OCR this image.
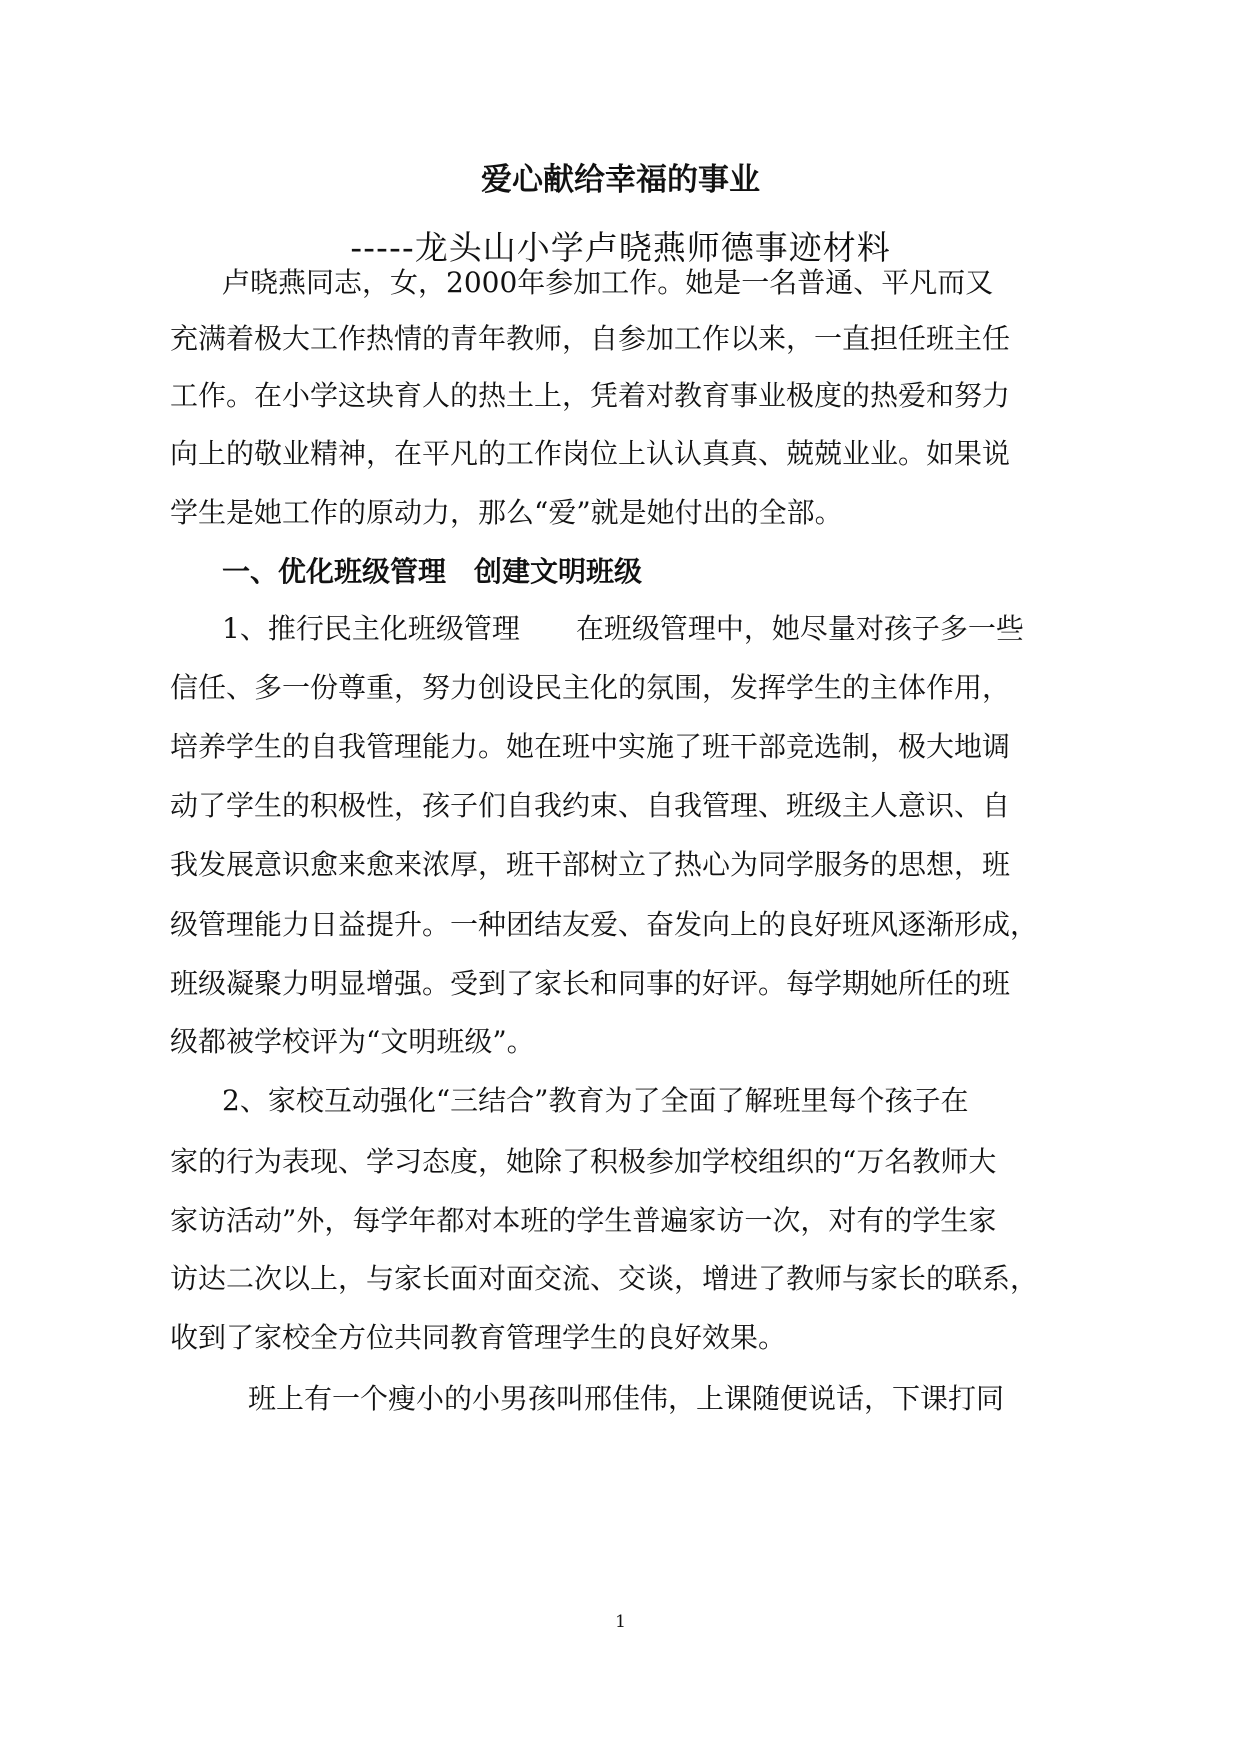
爱心献给幸福的事业
-----龙头山小学卢晓燕师德事迹材料
卢晓燕同志，女，2000年参加工作。她是一名普通、平凡而又
充满着极大工作热情的青年教师，自参加工作以来，一直担任班主任
工作。在小学这块育人的热土上，凭着对教育事业极度的热爱和努力
向上的敬业精神，在平凡的工作岗位上认认真真、兢兢业业。如果说
学生是她工作的原动力，那么“爱”就是她付出的全部。
一、优化班级管理　创建文明班级
1、推行民主化班级管理　　在班级管理中，她尽量对孩子多一些
信任、多一份尊重，努力创设民主化的氛围，发挥学生的主体作用，
培养学生的自我管理能力。她在班中实施了班干部竞选制，极大地调
动了学生的积极性，孩子们自我约束、自我管理、班级主人意识、自
我发展意识愈来愈来浓厚，班干部树立了热心为同学服务的思想，班
级管理能力日益提升。一种团结友爱、奋发向上的良好班风逐渐形成，
班级凝聚力明显增强。受到了家长和同事的好评。每学期她所任的班
级都被学校评为“文明班级”。
2、家校互动强化“三结合”教育为了全面了解班里每个孩子在
家的行为表现、学习态度，她除了积极参加学校组织的“万名教师大
家访活动”外，每学年都对本班的学生普遍家访一次，对有的学生家
访达二次以上，与家长面对面交流、交谈，增进了教师与家长的联系，
收到了家校全方位共同教育管理学生的良好效果。
班上有一个瘦小的小男孩叫邢佳伟，上课随便说话，下课打同
1
